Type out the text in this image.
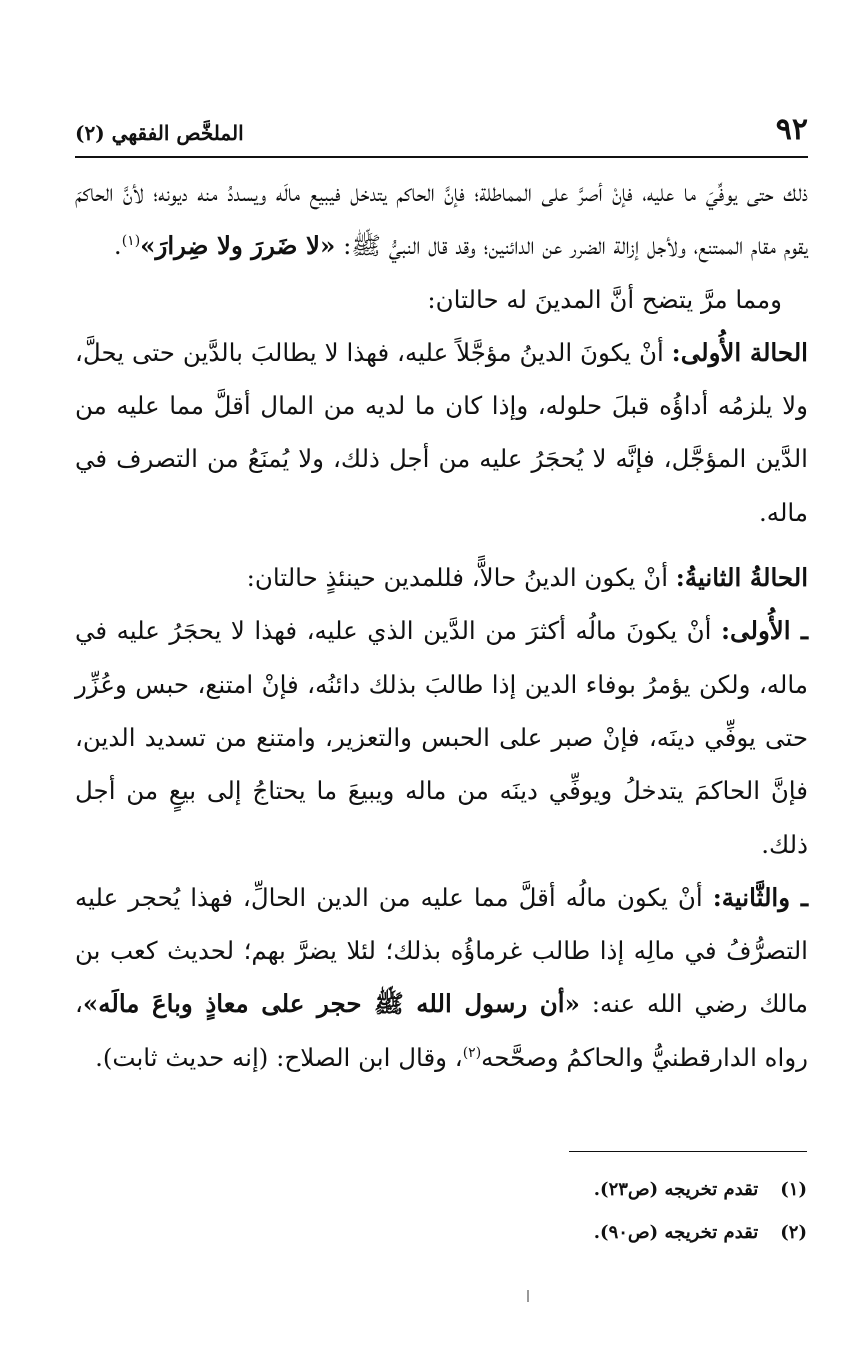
٩٢
الملخَّص الفقهي (٢)

ذلك حتى يوفِّيَ ما عليه، فإنْ أصرَّ على المماطلة؛ فإنَّ الحاكم يتدخل فيبيع مالَه ويسددُ منه ديونه؛ لأنَّ الحاكمَ يقوم مقام الممتنع، ولأجل إزالة الضرر عن الدائنين؛ وقد قال النبيُّ ﷺ: «لا ضَررَ ولا ضِرارَ»$^{(١)}$.

ومما مرَّ يتضح أنَّ المدينَ له حالتان:

الحالة الأُولى: أنْ يكونَ الدينُ مؤجَّلاً عليه، فهذا لا يطالبَ بالدَّين حتى يحلَّ، ولا يلزمُه أداؤُه قبلَ حلوله، وإذا كان ما لديه من المال أقلَّ مما عليه من الدَّين المؤجَّل، فإنَّه لا يُحجَرُ عليه من أجل ذلك، ولا يُمنَعُ من التصرف في ماله.

الحالةُ الثانيةُ: أنْ يكون الدينُ حالاًّ، فللمدين حينئذٍ حالتان:

ـ الأُولى: أنْ يكونَ مالُه أكثرَ من الدَّين الذي عليه، فهذا لا يحجَرُ عليه في ماله، ولكن يؤمرُ بوفاء الدين إذا طالبَ بذلك دائنُه، فإنْ امتنع، حبس وعُزِّر حتى يوفِّي دينَه، فإنْ صبر على الحبس والتعزير، وامتنع من تسديد الدين، فإنَّ الحاكمَ يتدخلُ ويوفِّي دينَه من ماله ويبيعَ ما يحتاجُ إلى بيعٍ من أجل ذلك.

ـ والثَّانية: أنْ يكون مالُه أقلَّ مما عليه من الدين الحالِّ، فهذا يُحجر عليه التصرُّفُ في مالِه إذا طالب غرماؤُه بذلك؛ لئلا يضرَّ بهم؛ لحديث كعب بن مالك رضي الله عنه: «أن رسول الله ﷺ حجر على معاذٍ وباعَ مالَه»، رواه الدارقطنيُّ والحاكمُ وصحَّحه$^{(٢)}$، وقال ابن الصلاح: (إنه حديث ثابت).

(١)
تقدم تخريجه (ص٢٣).
(٢)
تقدم تخريجه (ص٩٠).
